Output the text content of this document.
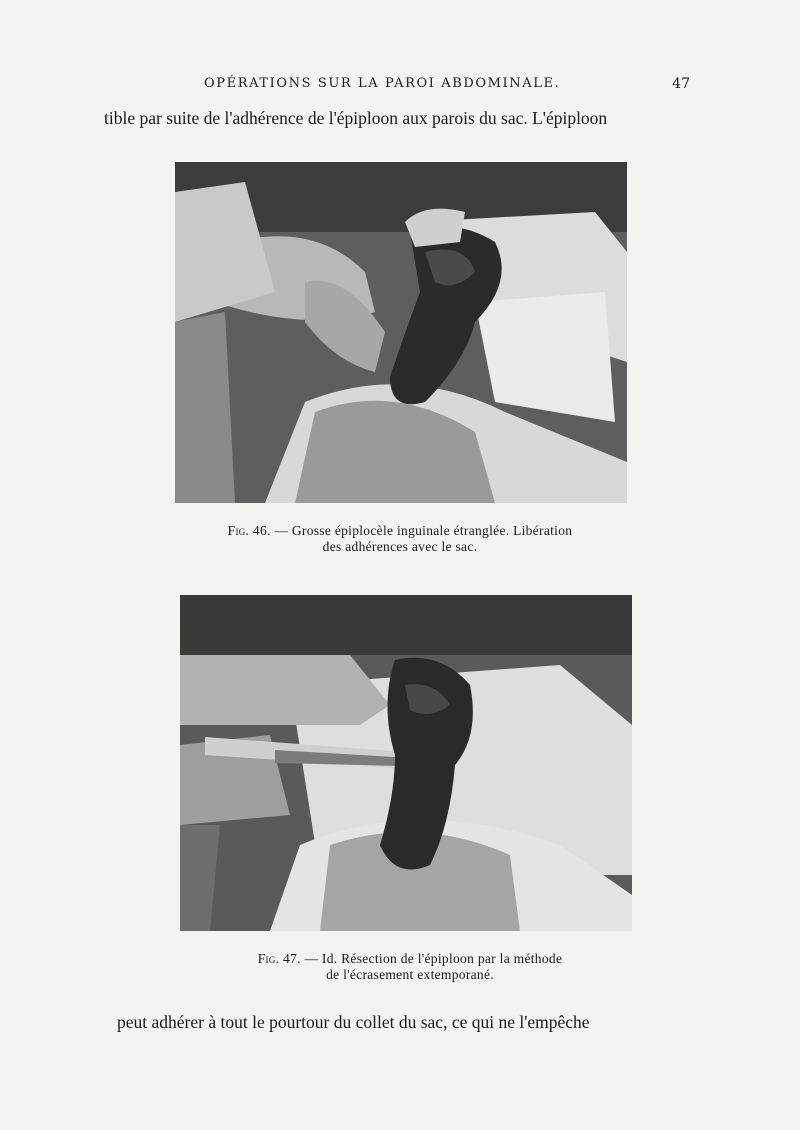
OPÉRATIONS SUR LA PAROI ABDOMINALE.	47
tible par suite de l'adhérence de l'épiploon aux parois du sac. L'épiploon
Fig. 46. — Grosse épiplocèle inguinale étranglée. Libération
des adhérences avec le sac.
Fig. 47. — Id. Résection de l'épiploon par la méthode
de l'écrasement extemporané.
peut adhérer à tout le pourtour du collet du sac, ce qui ne l'empêche
